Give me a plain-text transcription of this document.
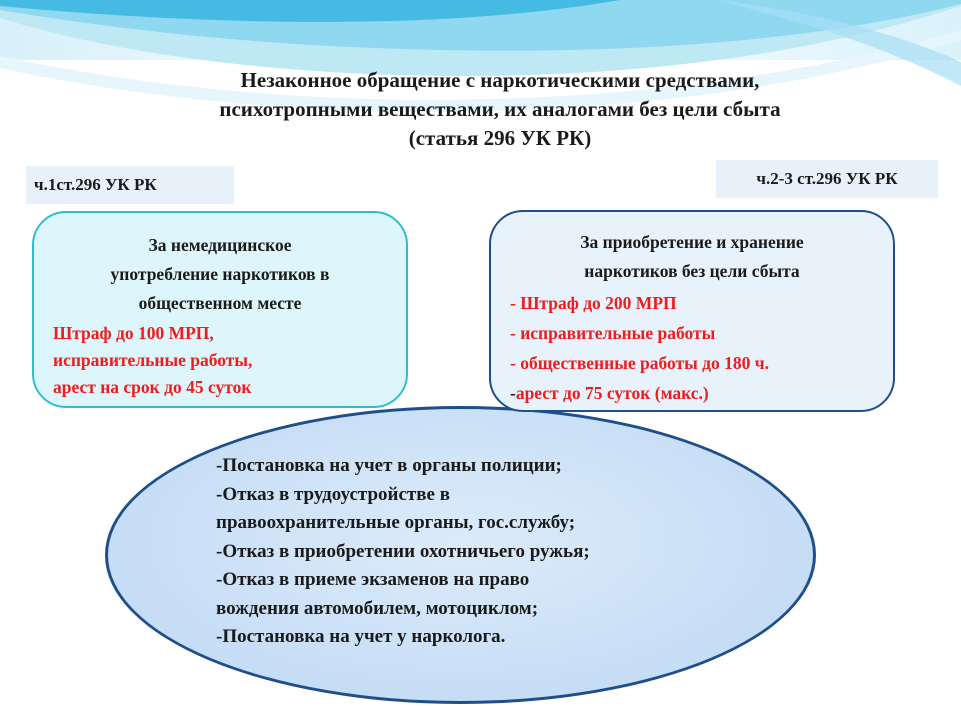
Незаконное обращение с наркотическими средствами,
психотропными веществами, их аналогами без цели сбыта
(статья 296 УК РК)
ч.1ст.296 УК РК	ч.2-3 ст.296 УК РК
За немедицинское
употребление наркотиков в
общественном месте
Штраф до 100 МРП,
исправительные работы,
арест на срок до 45 суток
За приобретение и хранение
наркотиков без цели сбыта
- Штраф до 200 МРП
- исправительные работы
- общественные работы до 180 ч.
-арест до 75 суток (макс.)
-Постановка на учет в органы полиции;
-Отказ в трудоустройстве в
правоохранительные органы, гос.службу;
-Отказ в приобретении охотничьего ружья;
-Отказ в приеме экзаменов на право
вождения автомобилем, мотоциклом;
-Постановка на учет у нарколога.
